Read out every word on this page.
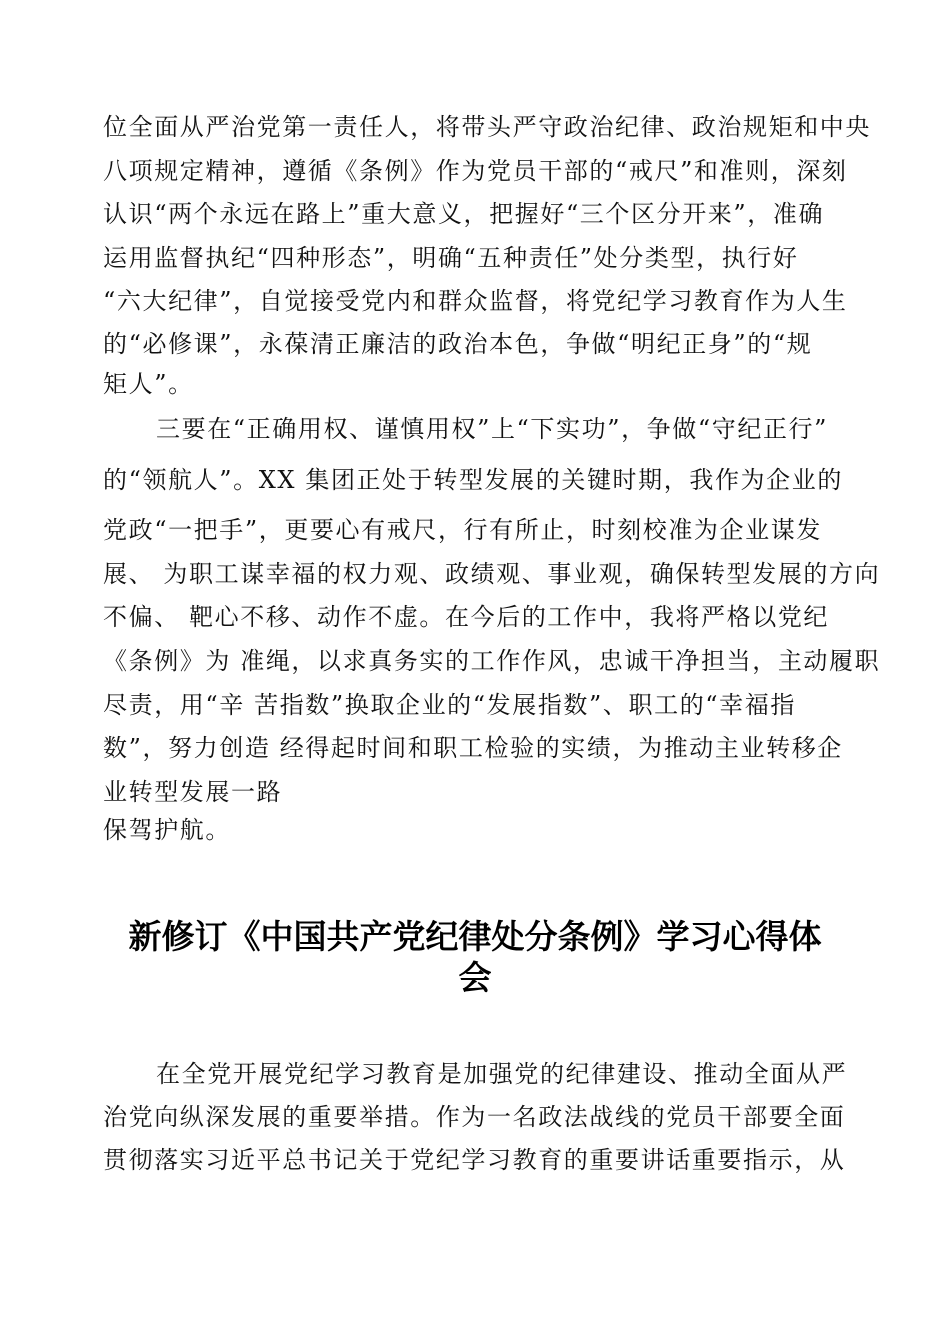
位全面从严治党第一责任人，将带头严守政治纪律、政治规矩和中央
八项规定精神，遵循《条例》作为党员干部的“戒尺”和准则，深刻
认识“两个永远在路上”重大意义，把握好“三个区分开来”，准确
运用监督执纪“四种形态”，明确“五种责任”处分类型，执行好
“六大纪律”，自觉接受党内和群众监督，将党纪学习教育作为人生
的“必修课”，永葆清正廉洁的政治本色，争做“明纪正身”的“规
矩人”。
三要在“正确用权、谨慎用权”上“下实功”，争做“守纪正行”
的“领航人”。XX 集团正处于转型发展的关键时期，我作为企业的
党政“一把手”，更要心有戒尺，行有所止，时刻校准为企业谋发
展、 为职工谋幸福的权力观、政绩观、事业观，确保转型发展的方向
不偏、 靶心不移、动作不虚。在今后的工作中，我将严格以党纪
《条例》为 准绳，以求真务实的工作作风，忠诚干净担当，主动履职
尽责，用“辛 苦指数”换取企业的“发展指数”、职工的“幸福指
数”，努力创造 经得起时间和职工检验的实绩，为推动主业转移企
业转型发展一路
保驾护航。
新修订《中国共产党纪律处分条例》学习心得体
会
在全党开展党纪学习教育是加强党的纪律建设、推动全面从严
治党向纵深发展的重要举措。作为一名政法战线的党员干部要全面
贯彻落实习近平总书记关于党纪学习教育的重要讲话重要指示，从
